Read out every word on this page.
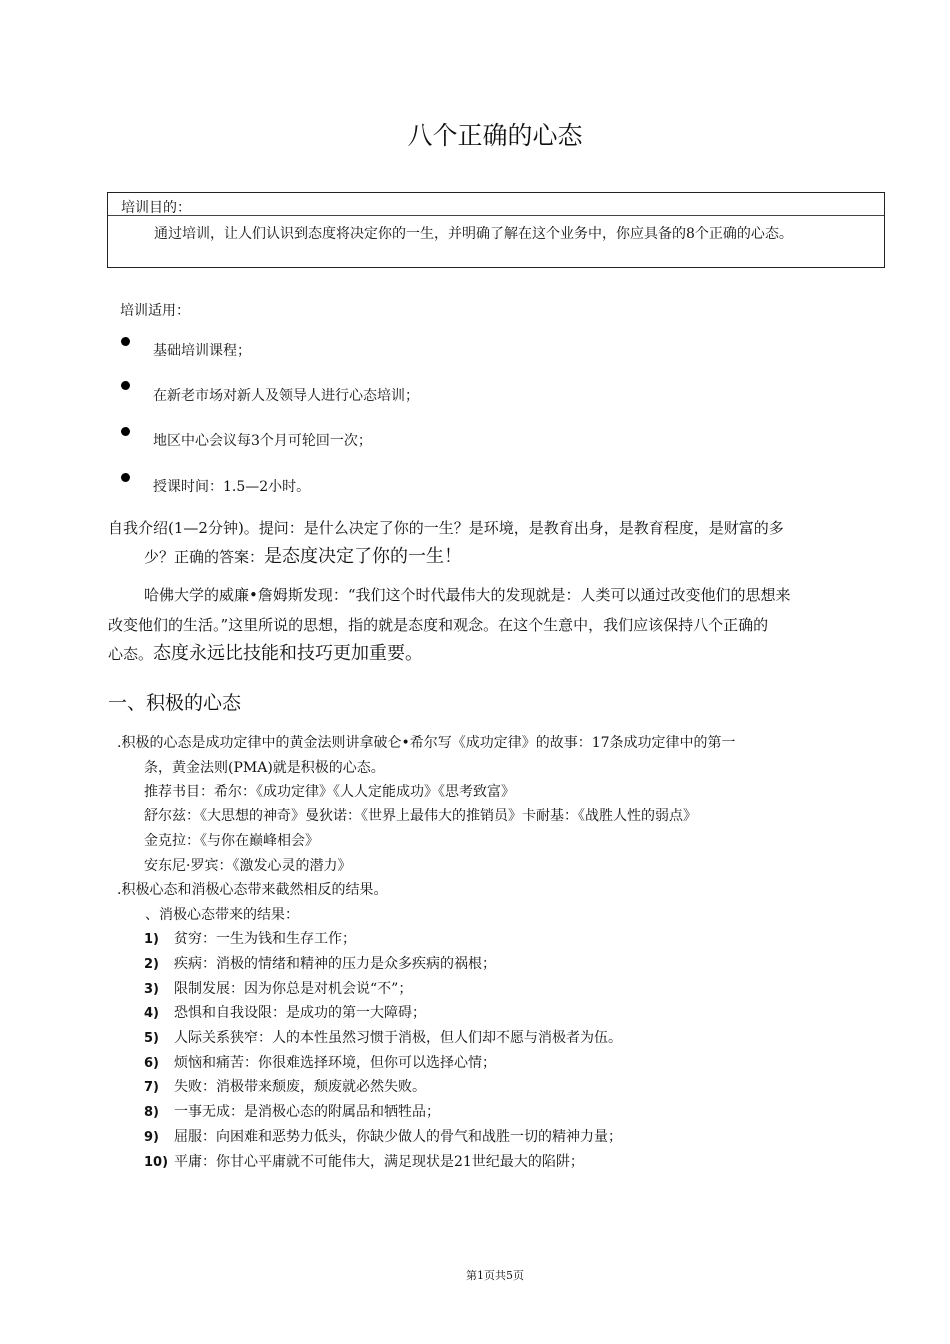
八个正确的心态
培训目的：
通过培训，让人们认识到态度将决定你的一生，并明确了解在这个业务中，你应具备的8个正确的心态。
培训适用：
基础培训课程；
在新老市场对新人及领导人进行心态培训；
地区中心会议每3个月可轮回一次；
授课时间：1.5—2小时。
自我介绍(1—2分钟)。提问：是什么决定了你的一生？是环境，是教育出身，是教育程度，是财富的多
少？正确的答案：是态度决定了你的一生！
哈佛大学的威廉•詹姆斯发现：“我们这个时代最伟大的发现就是：人类可以通过改变他们的思想来
改变他们的生活。”这里所说的思想，指的就是态度和观念。在这个生意中，我们应该保持八个正确的
心态。态度永远比技能和技巧更加重要。
一、积极的心态
.积极的心态是成功定律中的黄金法则讲拿破仑•希尔写《成功定律》的故事：17条成功定律中的第一
条，黄金法则(PMA)就是积极的心态。
推荐书目：希尔：《成功定律》《人人定能成功》《思考致富》
舒尔兹：《大思想的神奇》曼狄诺：《世界上最伟大的推销员》卡耐基：《战胜人性的弱点》
金克拉：《与你在巅峰相会》
安东尼·罗宾：《激发心灵的潜力》
.积极心态和消极心态带来截然相反的结果。
、消极心态带来的结果：
1) 贫穷：一生为钱和生存工作；
2) 疾病：消极的情绪和精神的压力是众多疾病的祸根；
3) 限制发展：因为你总是对机会说“不”；
4) 恐惧和自我设限：是成功的第一大障碍；
5) 人际关系狭窄：人的本性虽然习惯于消极，但人们却不愿与消极者为伍。
6) 烦恼和痛苦：你很难选择环境，但你可以选择心情；
7) 失败：消极带来颓废，颓废就必然失败。
8) 一事无成：是消极心态的附属品和牺牲品；
9) 屈服：向困难和恶势力低头，你缺少做人的骨气和战胜一切的精神力量；
10) 平庸：你甘心平庸就不可能伟大，满足现状是21世纪最大的陷阱；
第1页共5页
